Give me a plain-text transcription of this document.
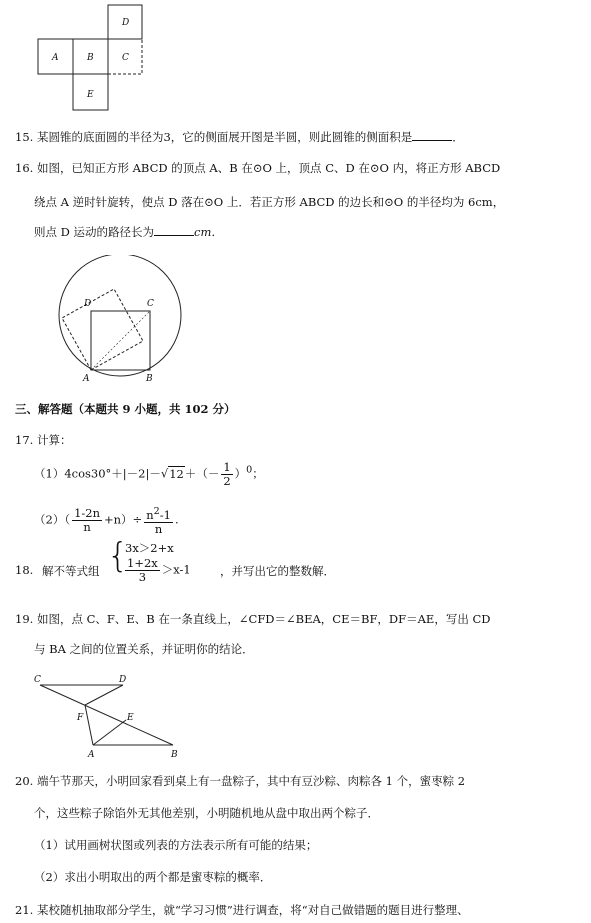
D
A	B	C
E
15. 某圆锥的底面圆的半径为3，它的侧面展开图是半圆，则此圆锥的侧面积是	．
16. 如图，已知正方形 ABCD 的顶点 A、B 在⊙O 上，顶点 C、D 在⊙O 内，将正方形 ABCD
绕点 A 逆时针旋转，使点 D 落在⊙O 上．若正方形 ABCD 的边长和⊙O 的半径均为 6cm，
则点 D 运动的路径长为	cm．
A	B
C
D
三、解答题（本题共 9 小题，共 102 分）
17. 计算：
$(1)4\cos 30^\circ+|-2|-√12+(- \frac{1}{2} )^0$；
$(2)( \frac{1-2n}{n} +n)\div \frac{n^2-1}{n}$ .
18. 解不等式组 {
3x＞2+x
$\frac{1+2x}{3} >x-1$	，并写出它的整数解．
19. 如图，点 C、F、E、B 在一条直线上，∠CFD＝∠BEA，CE＝BF，DF＝AE，写出 CD
与 BA 之间的位置关系，并证明你的结论．
C	D
F	E
A	B
20. 端午节那天，小明回家看到桌上有一盘粽子，其中有豆沙粽、肉粽各 1 个，蜜枣粽 2
个，这些粽子除馅外无其他差别，小明随机地从盘中取出两个粽子．
（1）试用画树状图或列表的方法表示所有可能的结果；
（2）求出小明取出的两个都是蜜枣粽的概率．
21. 某校随机抽取部分学生，就“学习习惯”进行调查，将“对自己做错题的题目进行整理、
